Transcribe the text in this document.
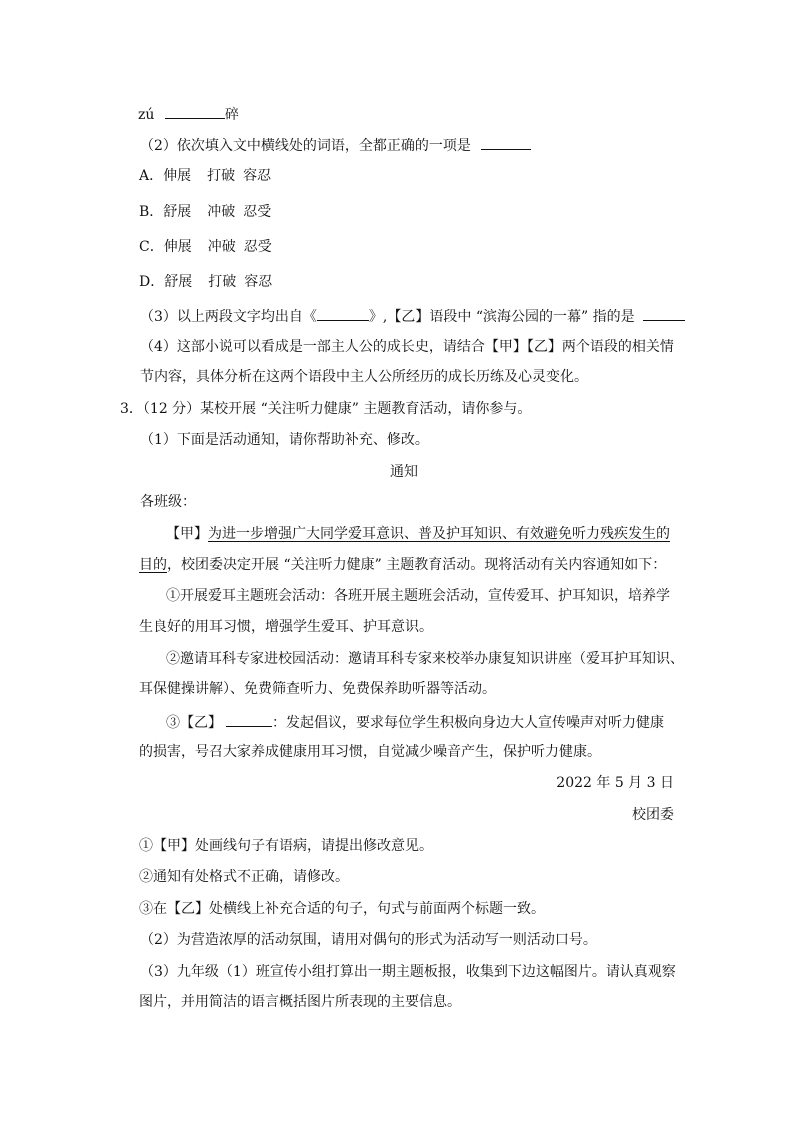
zú	碎
（2）依次填入文中横线处的词语，全都正确的一项是
A．伸展 打破 容忍
B．舒展 冲破 忍受
C．伸展 冲破 忍受
D．舒展 打破 容忍
（3）以上两段文字均出自《	》,【乙】语段中 “滨海公园的一幕” 指的是
（4）这部小说可以看成是一部主人公的成长史，请结合【甲】【乙】两个语段的相关情
节内容，具体分析在这两个语段中主人公所经历的成长历练及心灵变化。
3．（12 分）某校开展 “关注听力健康” 主题教育活动，请你参与。
（1）下面是活动通知，请你帮助补充、修改。
通知
各班级：
【甲】为进一步增强广大同学爱耳意识、普及护耳知识、有效避免听力残疾发生的
目的，校团委决定开展 “关注听力健康” 主题教育活动。现将活动有关内容通知如下：
①开展爱耳主题班会活动：各班开展主题班会活动，宣传爱耳、护耳知识，培养学
生良好的用耳习惯，增强学生爱耳、护耳意识。
②邀请耳科专家进校园活动：邀请耳科专家来校举办康复知识讲座（爱耳护耳知识、
耳保健操讲解）、免费筛查听力、免费保养助听器等活动。
③【乙】	：发起倡议，要求每位学生积极向身边大人宣传噪声对听力健康
的损害，号召大家养成健康用耳习惯，自觉减少噪音产生，保护听力健康。
2022 年 5 月 3 日
校团委
①【甲】处画线句子有语病，请提出修改意见。
②通知有处格式不正确，请修改。
③在【乙】处横线上补充合适的句子，句式与前面两个标题一致。
（2）为营造浓厚的活动氛围，请用对偶句的形式为活动写一则活动口号。
（3）九年级（1）班宣传小组打算出一期主题板报，收集到下边这幅图片。请认真观察
图片，并用简洁的语言概括图片所表现的主要信息。
